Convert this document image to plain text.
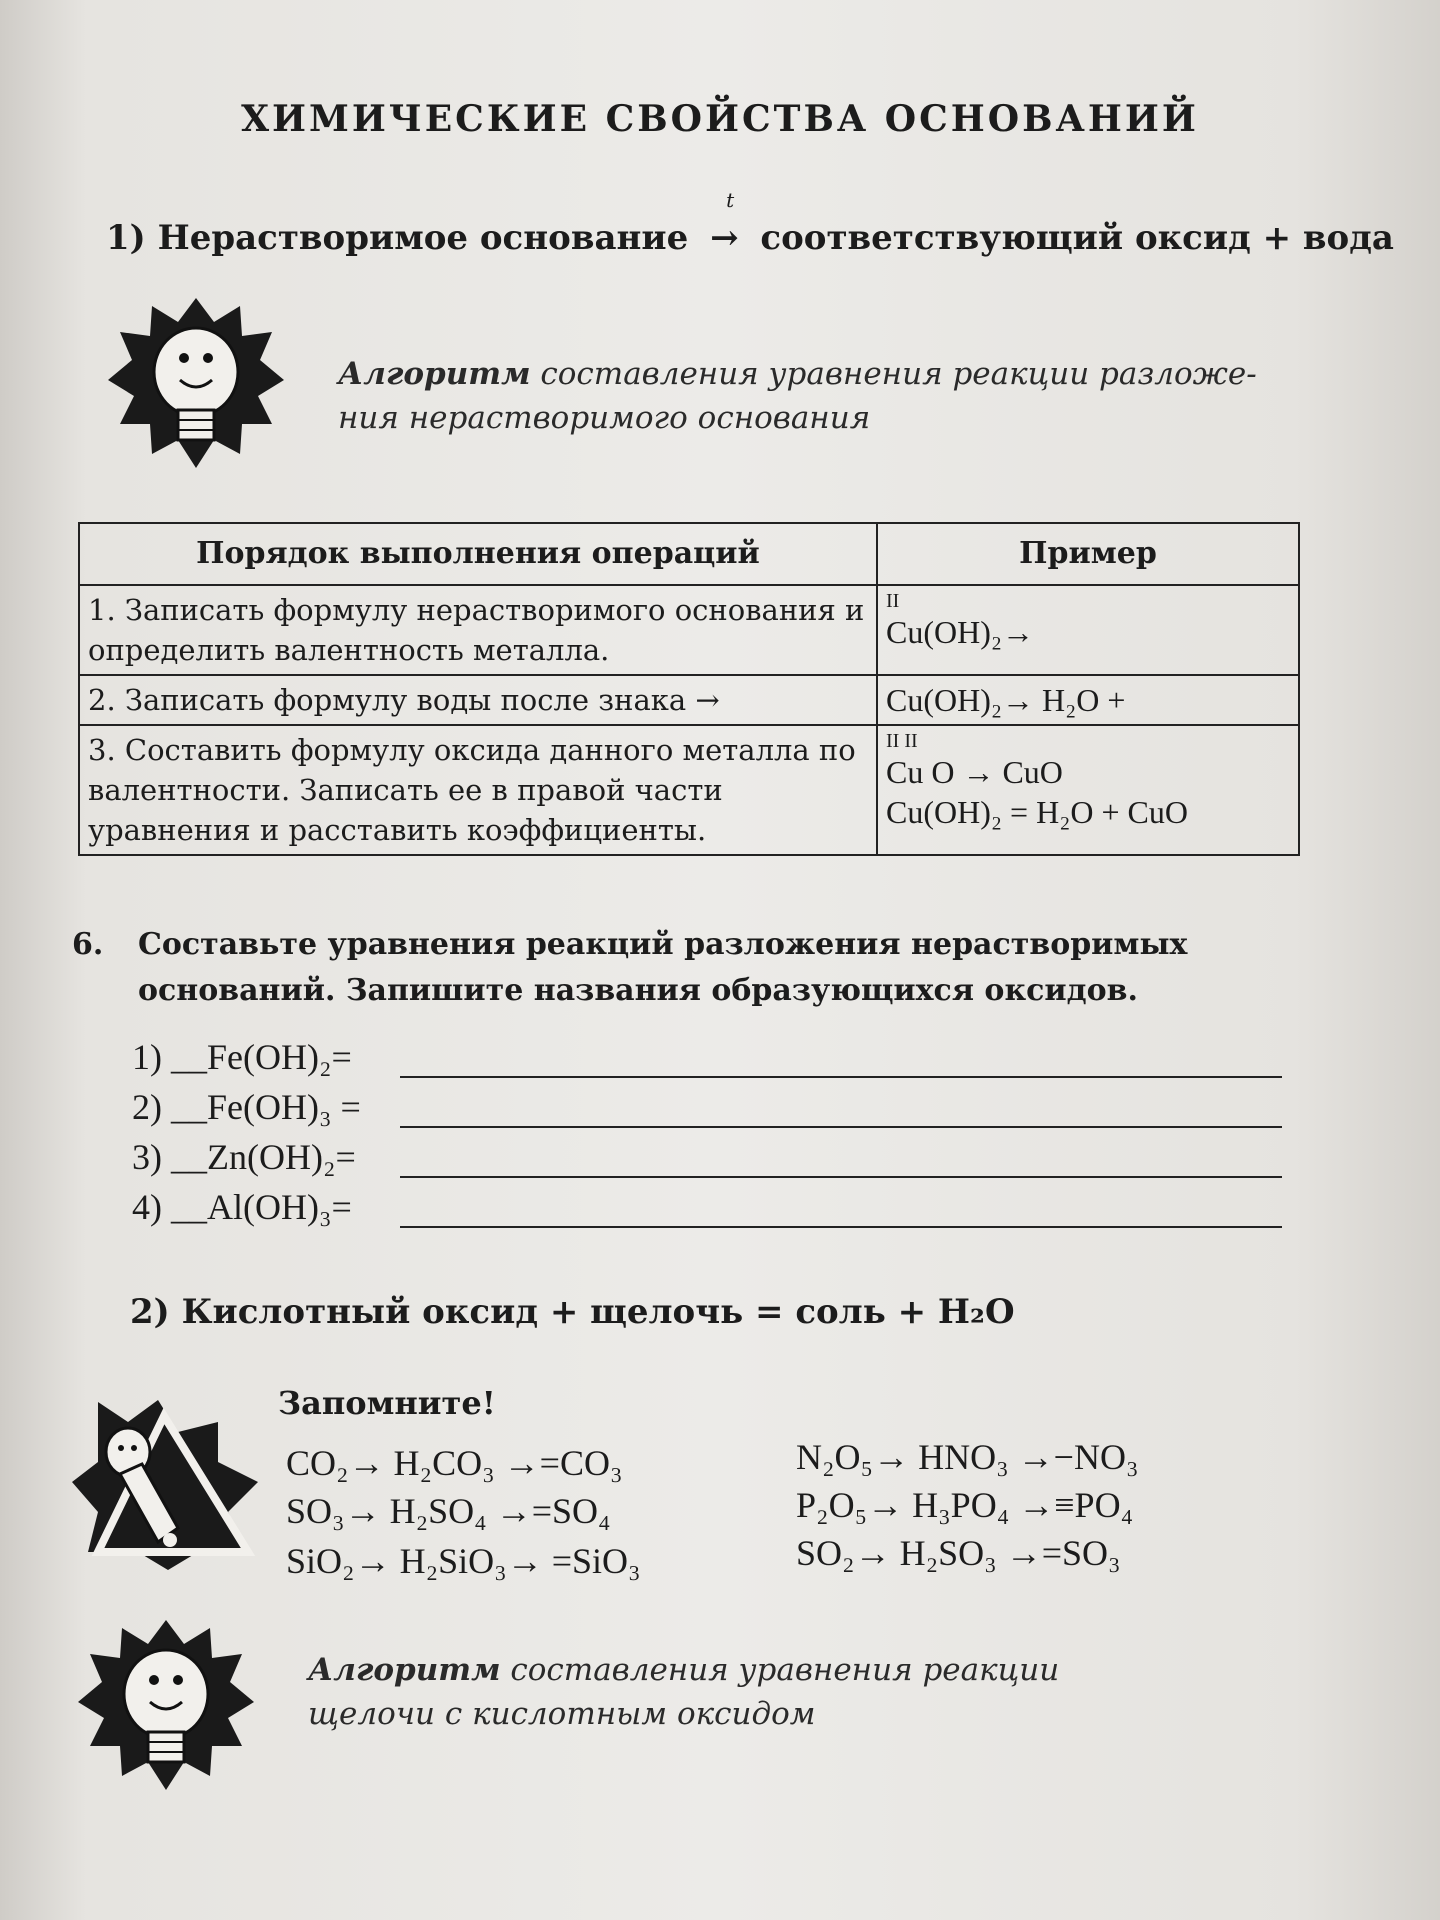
ХИМИЧЕСКИЕ СВОЙСТВА ОСНОВАНИЙ
1) Нерастворимое основание
t
→ соответствующий оксид + вода
Алгоритм составления уравнения реакции разложе-
ния нерастворимого основания
Порядок выполнения операций	Пример
1. Записать формулу нерастворимого основания и определить валентность металла.	II
Cu(OH)₂→
2. Записать формулу воды после знака →	Cu(OH)₂→ H₂O +
3. Составить формулу оксида данного металла по валентности. Записать ее в правой части уравнения и расставить коэффициенты.	II II
Cu O → CuO
Cu(OH)₂ = H₂O + CuO
6. Составьте уравнения реакций разложения нерастворимых оснований. Запишите названия образующихся оксидов.
1) __Fe(OH)₂=
2) __Fe(OH)₃ =
3) __Zn(OH)₂=
4) __Al(OH)₃=
2) Кислотный оксид + щелочь = соль + H₂O
Запомните!
CO₂→ H₂CO₃ →=CO₃
SO₃→ H₂SO₄ →=SO₄
SiO₂→ H₂SiO₃→ =SiO₃
N₂O₅→ HNO₃ →−NO₃
P₂O₅→ H₃PO₄ →≡PO₄
SO₂→ H₂SO₃ →=SO₃
Алгоритм составления уравнения реакции
щелочи с кислотным оксидом
